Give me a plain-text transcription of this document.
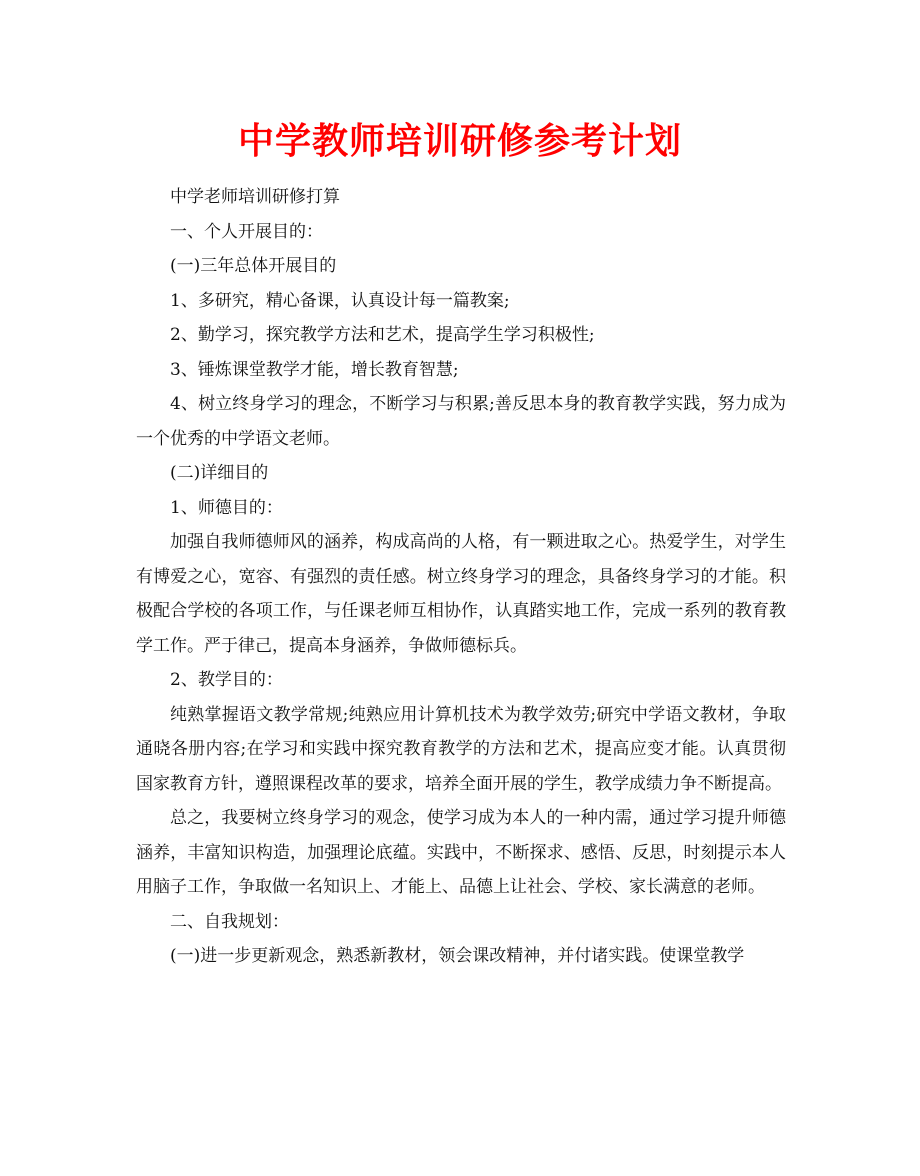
中学教师培训研修参考计划

中学老师培训研修打算

一、个人开展目的：

(一)三年总体开展目的

1、多研究，精心备课，认真设计每一篇教案;

2、勤学习，探究教学方法和艺术，提高学生学习积极性;

3、锤炼课堂教学才能，增长教育智慧;

4、树立终身学习的理念，不断学习与积累;善反思本身的教育教学实践，努力成为一个优秀的中学语文老师。

(二)详细目的

1、师德目的：

加强自我师德师风的涵养，构成高尚的人格，有一颗进取之心。热爱学生，对学生有博爱之心，宽容、有强烈的责任感。树立终身学习的理念，具备终身学习的才能。积极配合学校的各项工作，与任课老师互相协作，认真踏实地工作，完成一系列的教育教学工作。严于律己，提高本身涵养，争做师德标兵。

2、教学目的：

纯熟掌握语文教学常规;纯熟应用计算机技术为教学效劳;研究中学语文教材，争取通晓各册内容;在学习和实践中探究教育教学的方法和艺术，提高应变才能。认真贯彻国家教育方针，遵照课程改革的要求，培养全面开展的学生，教学成绩力争不断提高。

总之，我要树立终身学习的观念，使学习成为本人的一种内需，通过学习提升师德涵养，丰富知识构造，加强理论底蕴。实践中，不断探求、感悟、反思，时刻提示本人用脑子工作，争取做一名知识上、才能上、品德上让社会、学校、家长满意的老师。

二、自我规划：

(一)进一步更新观念，熟悉新教材，领会课改精神，并付诸实践。使课堂教学
